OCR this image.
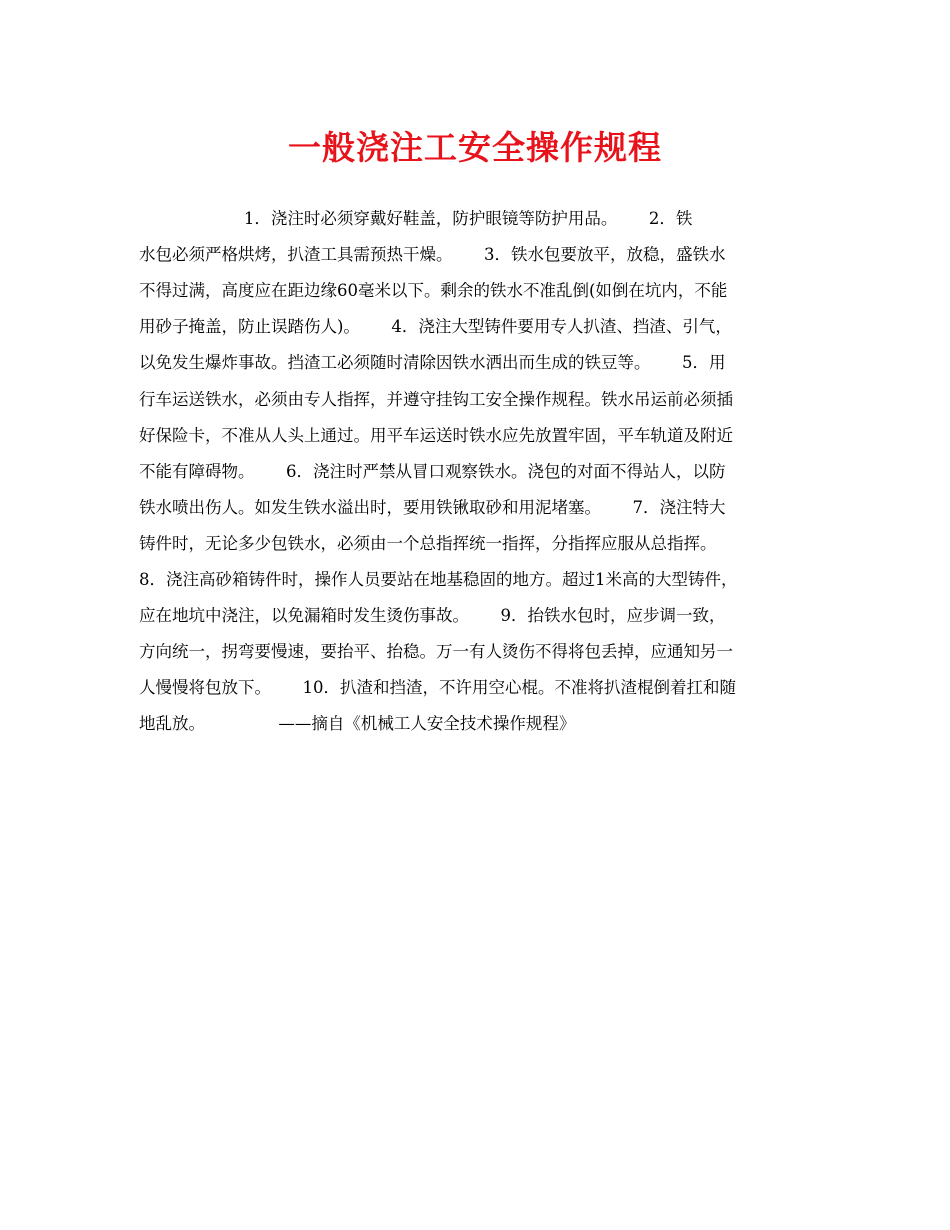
一般浇注工安全操作规程
1．浇注时必须穿戴好鞋盖，防护眼镜等防护用品。      2．铁
水包必须严格烘烤，扒渣工具需预热干燥。      3．铁水包要放平，放稳，盛铁水
不得过满，高度应在距边缘60毫米以下。剩余的铁水不准乱倒(如倒在坑内，不能
用砂子掩盖，防止误踏伤人)。      4．浇注大型铸件要用专人扒渣、挡渣、引气，
以免发生爆炸事故。挡渣工必须随时清除因铁水洒出而生成的铁豆等。      5．用
行车运送铁水，必须由专人指挥，并遵守挂钩工安全操作规程。铁水吊运前必须插
好保险卡，不准从人头上通过。用平车运送时铁水应先放置牢固，平车轨道及附近
不能有障碍物。      6．浇注时严禁从冒口观察铁水。浇包的对面不得站人，以防
铁水喷出伤人。如发生铁水溢出时，要用铁锹取砂和用泥堵塞。      7．浇注特大
铸件时，无论多少包铁水，必须由一个总指挥统一指挥，分指挥应服从总指挥。
8．浇注高砂箱铸件时，操作人员要站在地基稳固的地方。超过1米高的大型铸件，
应在地坑中浇注，以免漏箱时发生烫伤事故。      9．抬铁水包时，应步调一致，
方向统一，拐弯要慢速，要抬平、抬稳。万一有人烫伤不得将包丢掉，应通知另一
人慢慢将包放下。      10．扒渣和挡渣，不许用空心棍。不准将扒渣棍倒着扛和随
地乱放。              ——摘自《机械工人安全技术操作规程》
